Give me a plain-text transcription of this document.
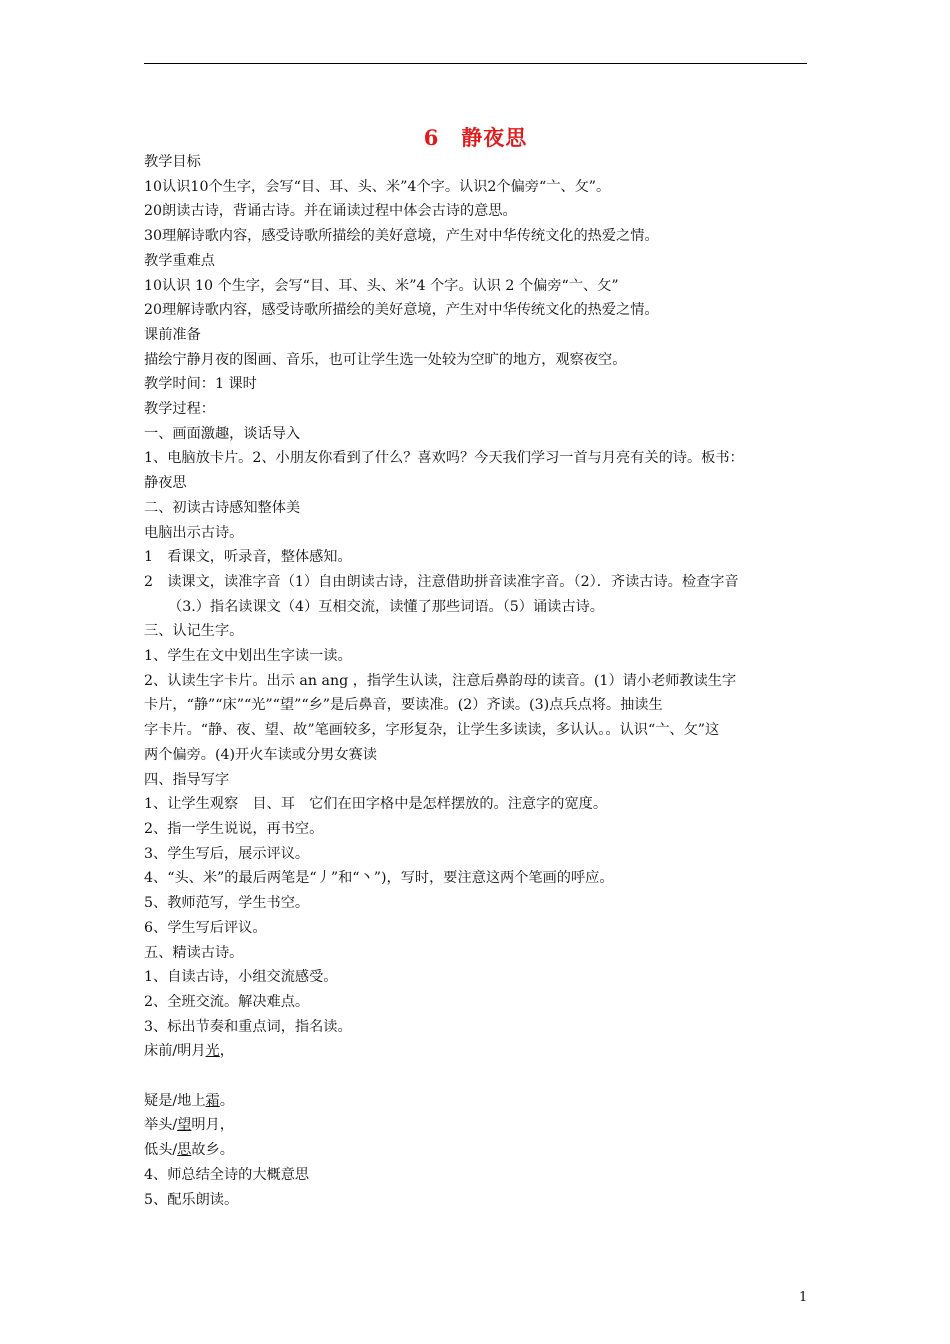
6　静夜思
教学目标
10认识10个生字，会写“目、耳、头、米”4个字。认识2个偏旁“亠、攵”。
20朗读古诗，背诵古诗。并在诵读过程中体会古诗的意思。
30理解诗歌内容，感受诗歌所描绘的美好意境，产生对中华传统文化的热爱之情。
教学重难点
10认识 10 个生字，会写“目、耳、头、米”4 个字。认识 2 个偏旁“亠、攵”
20理解诗歌内容，感受诗歌所描绘的美好意境，产生对中华传统文化的热爱之情。
课前准备
描绘宁静月夜的图画、音乐，也可让学生选一处较为空旷的地方，观察夜空。
教学时间：1 课时
教学过程：
一、画面激趣，谈话导入
1、电脑放卡片。2、小朋友你看到了什么？喜欢吗？今天我们学习一首与月亮有关的诗。板书：
静夜思
二、初读古诗感知整体美
电脑出示古诗。
1　看课文，听录音，整体感知。
2　读课文，读准字音（1）自由朗读古诗，注意借助拼音读准字音。（2）．齐读古诗。检查字音
（3.）指名读课文（4）互相交流，读懂了那些词语。（5）诵读古诗。
三、认记生字。
1、学生在文中划出生字读一读。
2、认读生字卡片。出示 an ang ，指学生认读，注意后鼻韵母的读音。(1）请小老师教读生字
卡片，“静”“床”“光”“望”“乡”是后鼻音，要读准。(2）齐读。(3)点兵点将。抽读生
字卡片。“静、夜、望、故”笔画较多，字形复杂，让学生多读读，多认认。。认识“亠、攵”这
两个偏旁。(4)开火车读或分男女赛读
四、指导写字
1、让学生观察　目、耳　它们在田字格中是怎样摆放的。注意字的宽度。
2、指一学生说说，再书空。
3、学生写后，展示评议。
4、“头、米”的最后两笔是“丿”和“丶”)，写时，要注意这两个笔画的呼应。
5、教师范写，学生书空。
6、学生写后评议。
五、精读古诗。
1、自读古诗，小组交流感受。
2、全班交流。解决难点。
3、标出节奏和重点词，指名读。
床前/明月光，
疑是/地上霜。
举头/望明月，
低头/思故乡。
4、师总结全诗的大概意思
5、配乐朗读。
1
